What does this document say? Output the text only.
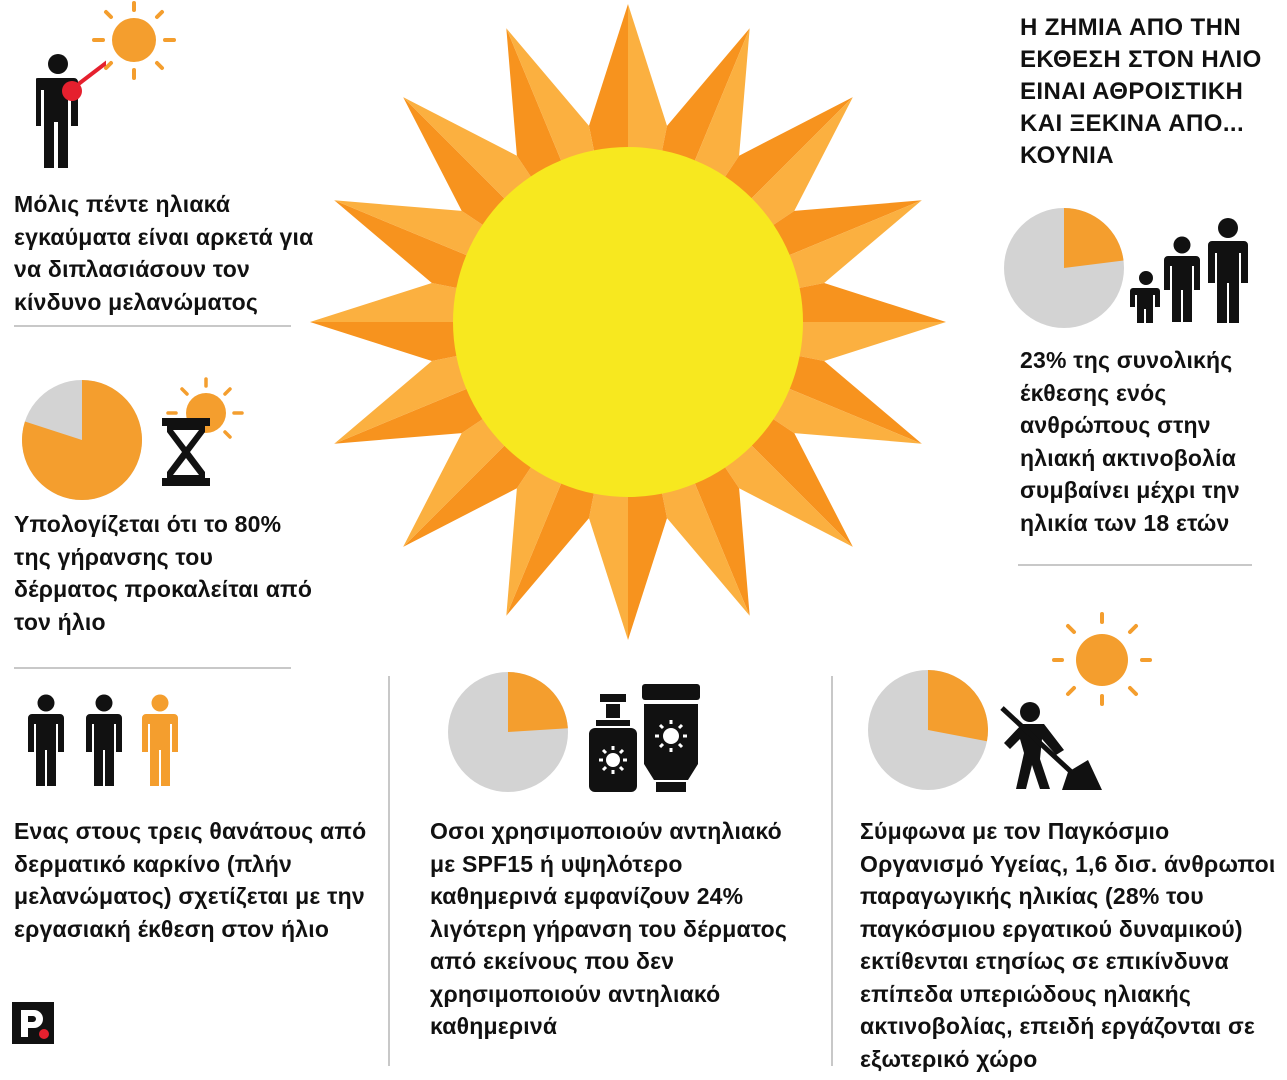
Μόλις πέντε ηλιακά εγκαύματα είναι αρκετά για να διπλασιάσουν τον κίνδυνο μελανώματος
Υπολογίζεται ότι το 80% της γήρανσης του δέρματος προκαλείται από τον ήλιο
Ενας στους τρεις θανάτους από δερματικό καρκίνο (πλήν μελανώματος) σχετίζεται με την εργασιακή έκθεση στον ήλιο
Οσοι χρησιμοποιούν αντηλιακό με SPF15 ή υψηλότερο καθημερινά εμφανίζουν 24% λιγότερη γήρανση του δέρματος από εκείνους που δεν χρησιμοποιούν αντηλιακό καθημερινά
Σύμφωνα με τον Παγκόσμιο Οργανισμό Υγείας, 1,6 δισ. άνθρωποι παραγωγικής ηλικίας (28% του παγκόσμιου εργατικού δυναμικού) εκτίθενται ετησίως σε επικίνδυνα επίπεδα υπεριώδους ηλιακής ακτινοβολίας, επειδή εργάζονται σε εξωτερικό χώρο
Η ΖΗΜΙΑ ΑΠΟ ΤΗΝ ΕΚΘΕΣΗ ΣΤΟΝ ΗΛΙΟ ΕΙΝΑΙ ΑΘΡΟΙΣΤΙΚΗ ΚΑΙ ΞΕΚΙΝΑ ΑΠΟ... ΚΟΥΝΙΑ
23% της συνολικής έκθεσης ενός ανθρώπους στην ηλιακή ακτινοβολία συμβαίνει μέχρι την ηλικία των 18 ετών
